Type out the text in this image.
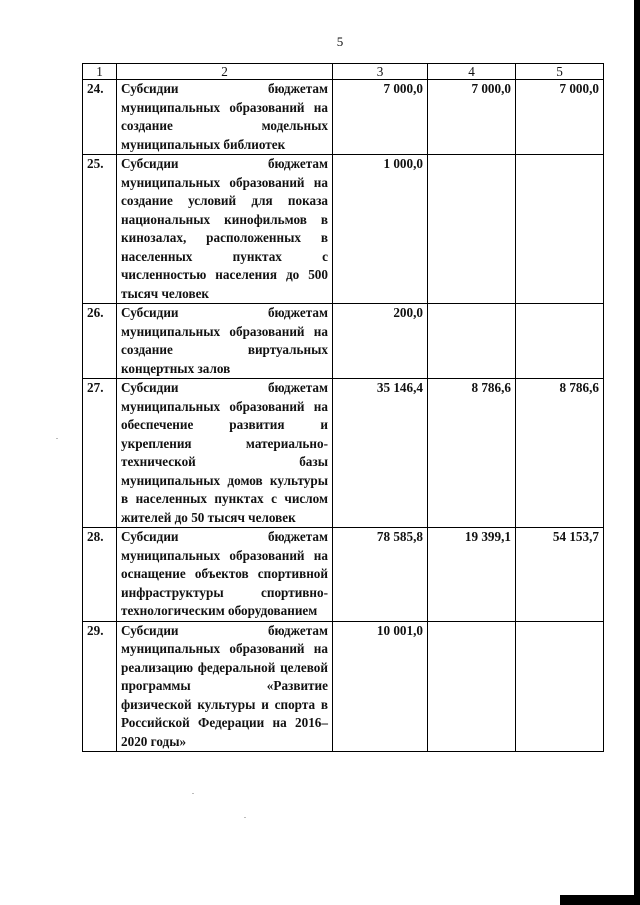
5
1	2	3	4	5
24.	Субсидии бюджетам муниципальных образований на создание модельных муниципальных библиотек	7 000,0	7 000,0	7 000,0
25.	Субсидии бюджетам муниципальных образований на создание условий для показа национальных кинофильмов в кинозалах, расположенных в населенных пунктах с численностью населения до 500 тысяч человек	1 000,0		
26.	Субсидии бюджетам муниципальных образований на создание виртуальных концертных залов	200,0		
27.	Субсидии бюджетам муниципальных образований на обеспечение развития и укрепления материально-технической базы муниципальных домов культуры в населенных пунктах с числом жителей до 50 тысяч человек	35 146,4	8 786,6	8 786,6
28.	Субсидии бюджетам муниципальных образований на оснащение объектов спортивной инфраструктуры спортивно-технологическим оборудованием	78 585,8	19 399,1	54 153,7
29.	Субсидии бюджетам муниципальных образований на реализацию федеральной целевой программы «Развитие физической культуры и спорта в Российской Федерации на 2016–2020 годы»	10 001,0		
